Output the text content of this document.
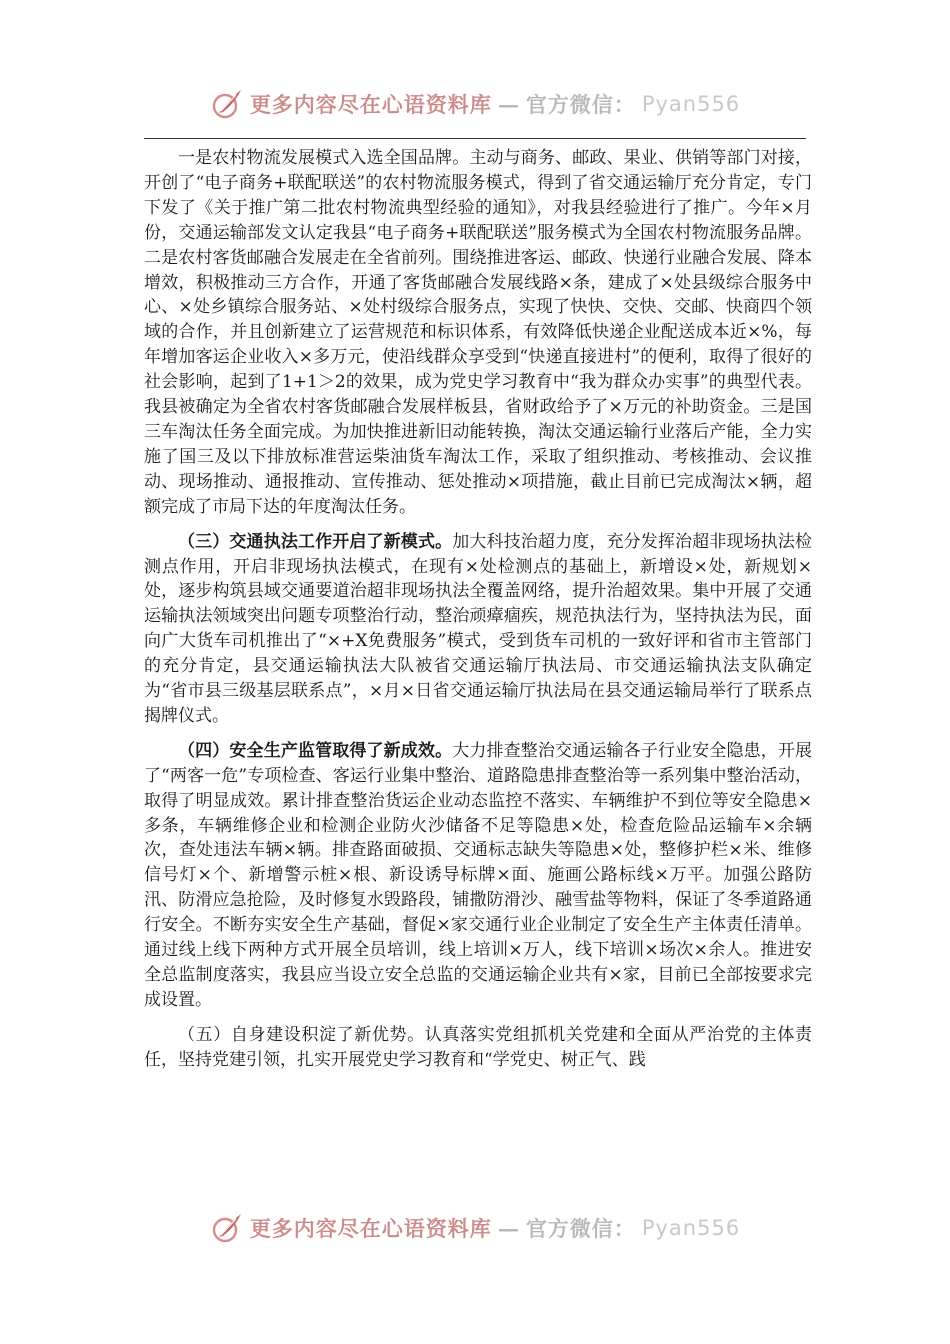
更多内容尽在心语资料库 — 官方微信： Pyan556

一是农村物流发展模式入选全国品牌。主动与商务、邮政、果业、供销等部门对接，开创了“电子商务+联配联送”的农村物流服务模式，得到了省交通运输厅充分肯定，专门下发了《关于推广第二批农村物流典型经验的通知》，对我县经验进行了推广。今年×月份，交通运输部发文认定我县“电子商务+联配联送”服务模式为全国农村物流服务品牌。二是农村客货邮融合发展走在全省前列。围绕推进客运、邮政、快递行业融合发展、降本增效，积极推动三方合作，开通了客货邮融合发展线路×条，建成了×处县级综合服务中心、×处乡镇综合服务站、×处村级综合服务点，实现了快快、交快、交邮、快商四个领域的合作，并且创新建立了运营规范和标识体系，有效降低快递企业配送成本近×%，每年增加客运企业收入×多万元，使沿线群众享受到“快递直接进村”的便利，取得了很好的社会影响，起到了1+1＞2的效果，成为党史学习教育中“我为群众办实事”的典型代表。我县被确定为全省农村客货邮融合发展样板县，省财政给予了×万元的补助资金。三是国三车淘汰任务全面完成。为加快推进新旧动能转换，淘汰交通运输行业落后产能，全力实施了国三及以下排放标准营运柴油货车淘汰工作，采取了组织推动、考核推动、会议推动、现场推动、通报推动、宣传推动、惩处推动×项措施，截止目前已完成淘汰×辆，超额完成了市局下达的年度淘汰任务。

（三）交通执法工作开启了新模式。加大科技治超力度，充分发挥治超非现场执法检测点作用，开启非现场执法模式，在现有×处检测点的基础上，新增设×处，新规划×处，逐步构筑县域交通要道治超非现场执法全覆盖网络，提升治超效果。集中开展了交通运输执法领域突出问题专项整治行动，整治顽瘴痼疾，规范执法行为，坚持执法为民，面向广大货车司机推出了“×+X免费服务”模式，受到货车司机的一致好评和省市主管部门的充分肯定，县交通运输执法大队被省交通运输厅执法局、市交通运输执法支队确定为“省市县三级基层联系点”，×月×日省交通运输厅执法局在县交通运输局举行了联系点揭牌仪式。

（四）安全生产监管取得了新成效。大力排查整治交通运输各子行业安全隐患，开展了“两客一危”专项检查、客运行业集中整治、道路隐患排查整治等一系列集中整治活动，取得了明显成效。累计排查整治货运企业动态监控不落实、车辆维护不到位等安全隐患×多条，车辆维修企业和检测企业防火沙储备不足等隐患×处，检查危险品运输车×余辆次，查处违法车辆×辆。排查路面破损、交通标志缺失等隐患×处，整修护栏×米、维修信号灯×个、新增警示桩×根、新设诱导标牌×面、施画公路标线×万平。加强公路防汛、防滑应急抢险，及时修复水毁路段，铺撒防滑沙、融雪盐等物料，保证了冬季道路通行安全。不断夯实安全生产基础，督促×家交通行业企业制定了安全生产主体责任清单。通过线上线下两种方式开展全员培训，线上培训×万人，线下培训×场次×余人。推进安全总监制度落实，我县应当设立安全总监的交通运输企业共有×家，目前已全部按要求完成设置。

（五）自身建设积淀了新优势。认真落实党组抓机关党建和全面从严治党的主体责任，坚持党建引领，扎实开展党史学习教育和“学党史、树正气、践

更多内容尽在心语资料库 — 官方微信： Pyan556
